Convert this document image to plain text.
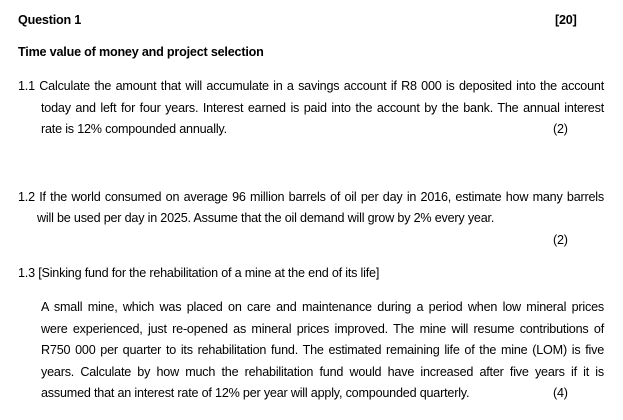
Question 1	[20]
Time value of money and project selection
1.1 Calculate the amount that will accumulate in a savings account if R8 000 is deposited into the account
today and left for four years. Interest earned is paid into the account by the bank. The annual interest
rate is 12% compounded annually.	(2)
1.2 If the world consumed on average 96 million barrels of oil per day in 2016, estimate how many barrels
will be used per day in 2025. Assume that the oil demand will grow by 2% every year.
(2)
1.3 [Sinking fund for the rehabilitation of a mine at the end of its life]
A small mine, which was placed on care and maintenance during a period when low mineral prices
were experienced, just re-opened as mineral prices improved. The mine will resume contributions of
R750 000 per quarter to its rehabilitation fund. The estimated remaining life of the mine (LOM) is five
years. Calculate by how much the rehabilitation fund would have increased after five years if it is
assumed that an interest rate of 12% per year will apply, compounded quarterly.	(4)
